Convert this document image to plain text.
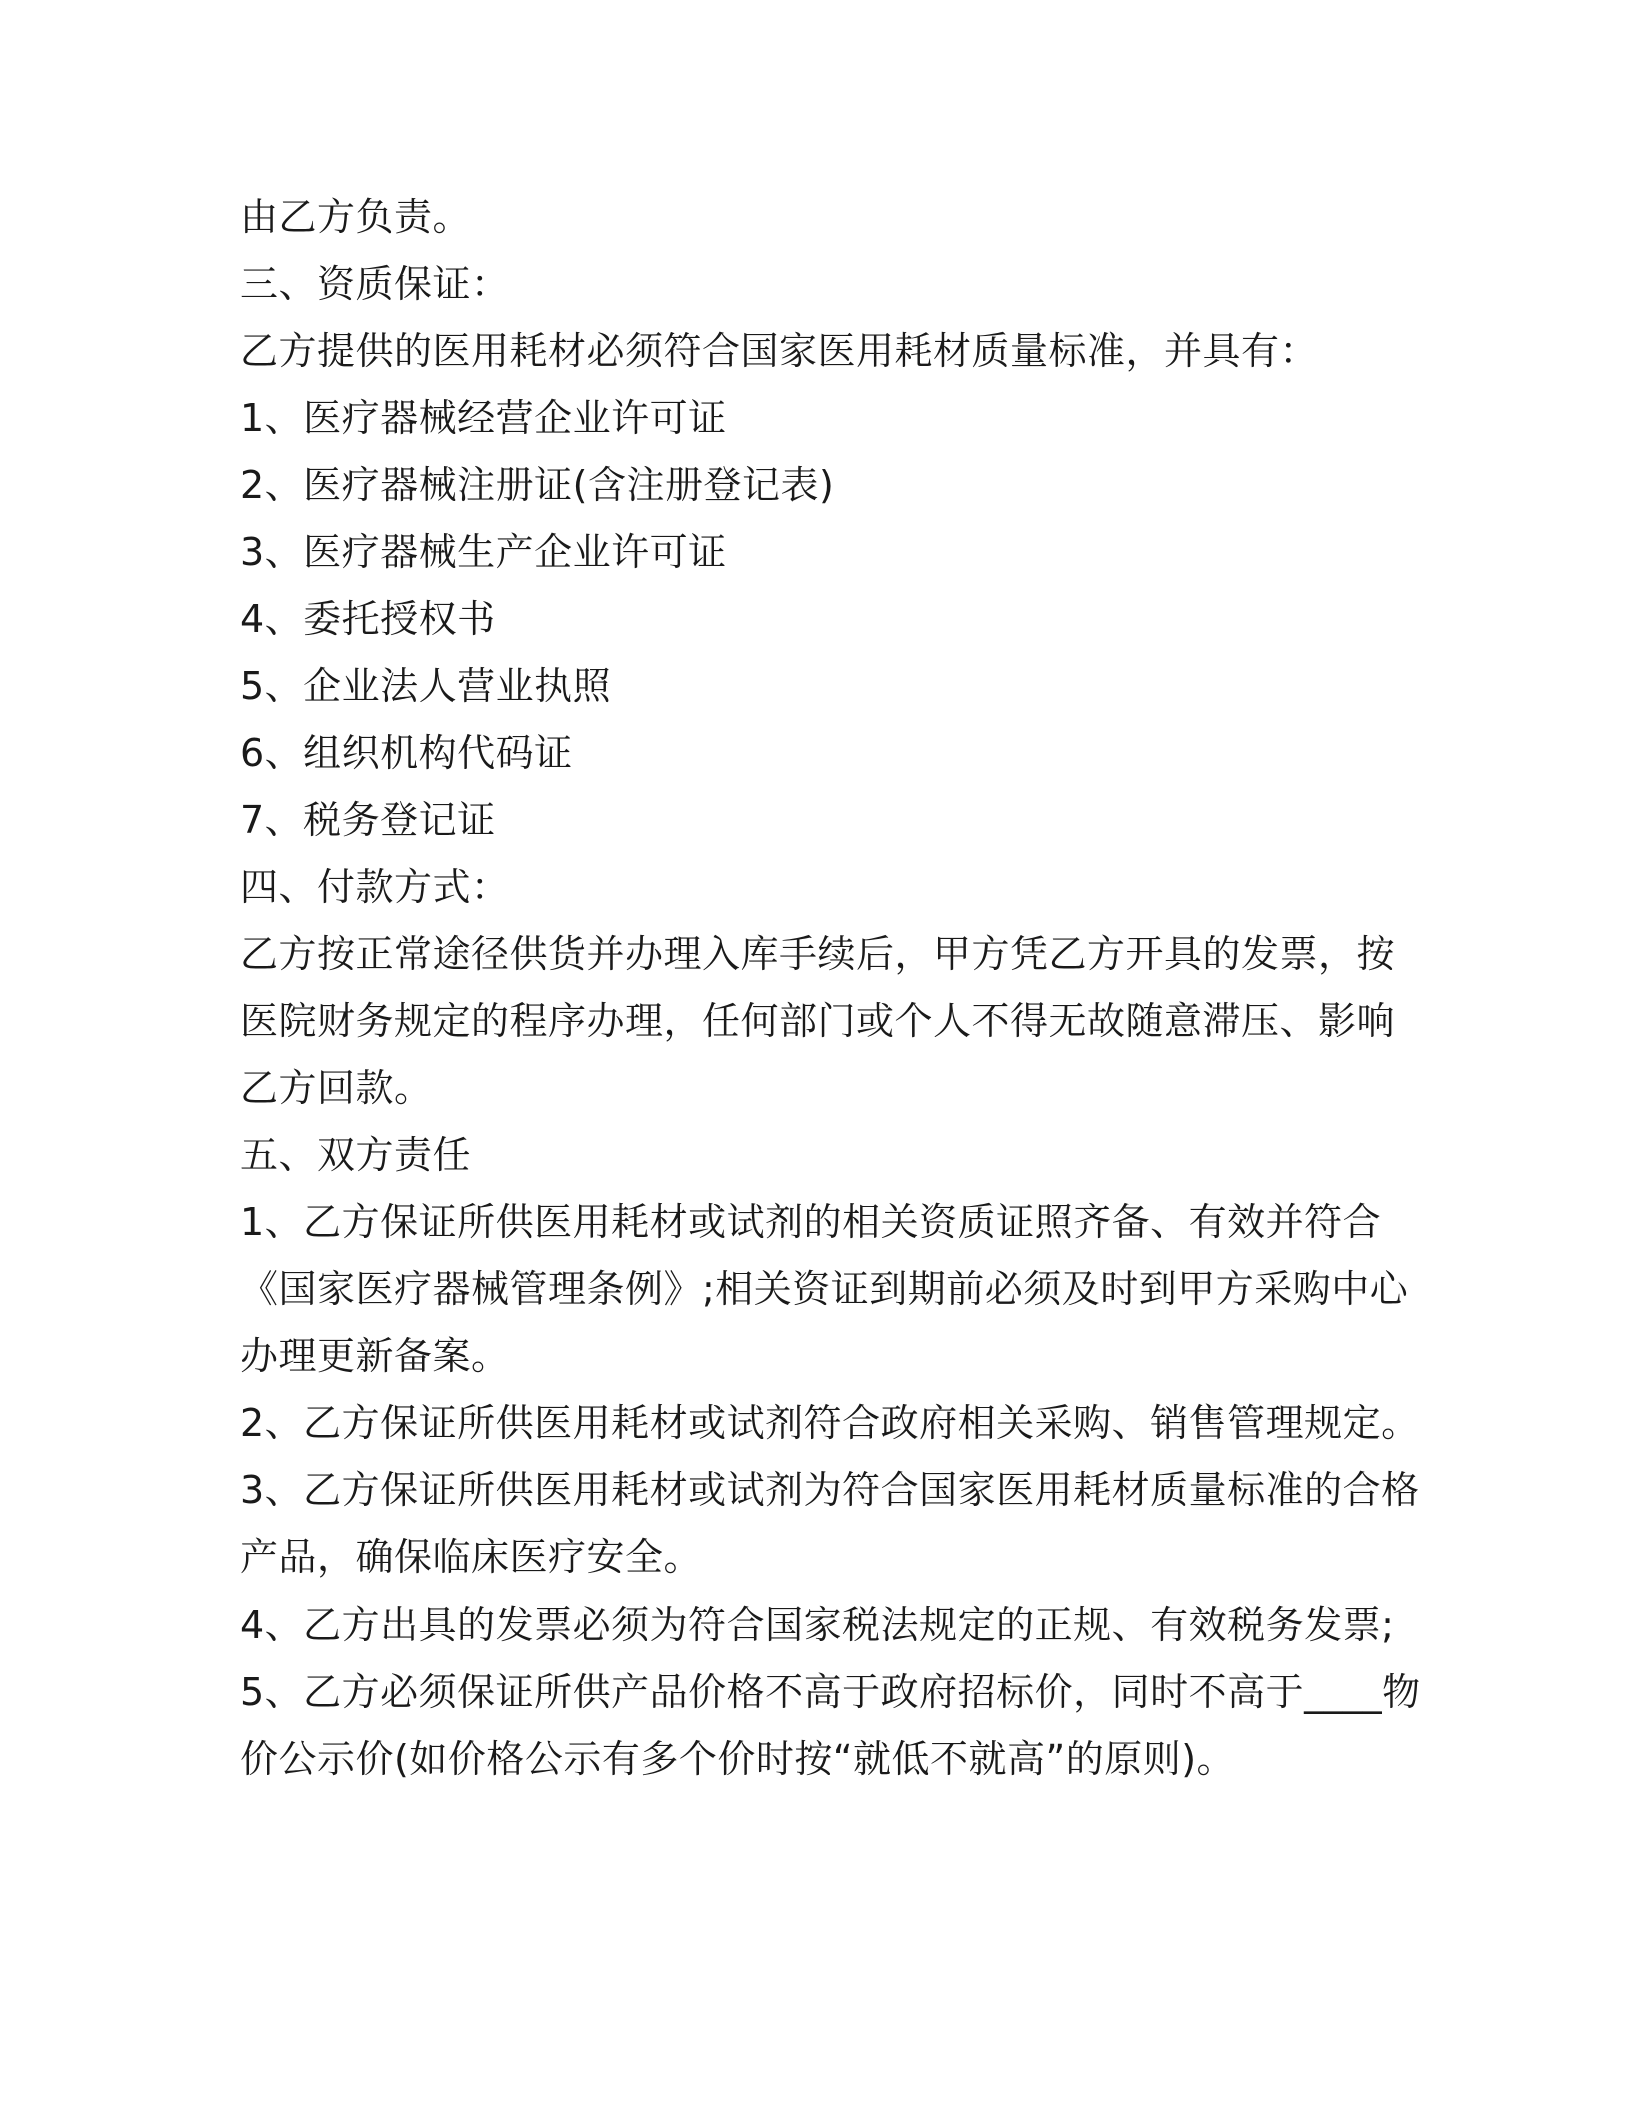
由乙方负责。
三、资质保证：
乙方提供的医用耗材必须符合国家医用耗材质量标准，并具有：
1、医疗器械经营企业许可证
2、医疗器械注册证(含注册登记表)
3、医疗器械生产企业许可证
4、委托授权书
5、企业法人营业执照
6、组织机构代码证
7、税务登记证
四、付款方式：
乙方按正常途径供货并办理入库手续后，甲方凭乙方开具的发票，按
医院财务规定的程序办理，任何部门或个人不得无故随意滞压、影响
乙方回款。
五、双方责任
1、乙方保证所供医用耗材或试剂的相关资质证照齐备、有效并符合
《国家医疗器械管理条例》;相关资证到期前必须及时到甲方采购中心
办理更新备案。
2、乙方保证所供医用耗材或试剂符合政府相关采购、销售管理规定。
3、乙方保证所供医用耗材或试剂为符合国家医用耗材质量标准的合格
产品，确保临床医疗安全。
4、乙方出具的发票必须为符合国家税法规定的正规、有效税务发票;
5、乙方必须保证所供产品价格不高于政府招标价，同时不高于____物
价公示价(如价格公示有多个价时按“就低不就高”的原则)。
